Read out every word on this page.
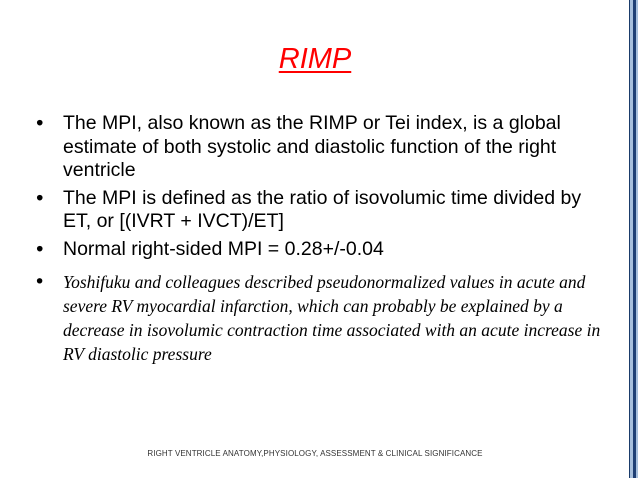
RIMP
• The MPI, also known as the RIMP or Tei index, is a global estimate of both systolic and diastolic function of the right ventricle
• The MPI is defined as the ratio of isovolumic time divided by ET, or [(IVRT + IVCT)/ET]
• Normal right-sided MPI = 0.28+/-0.04
•	Yoshifuku and colleagues described pseudonormalized values in acute and severe RV myocardial infarction, which can probably be explained by a decrease in isovolumic contraction time associated with an acute increase in RV diastolic pressure
RIGHT VENTRICLE ANATOMY,PHYSIOLOGY, ASSESSMENT & CLINICAL SIGNIFICANCE
